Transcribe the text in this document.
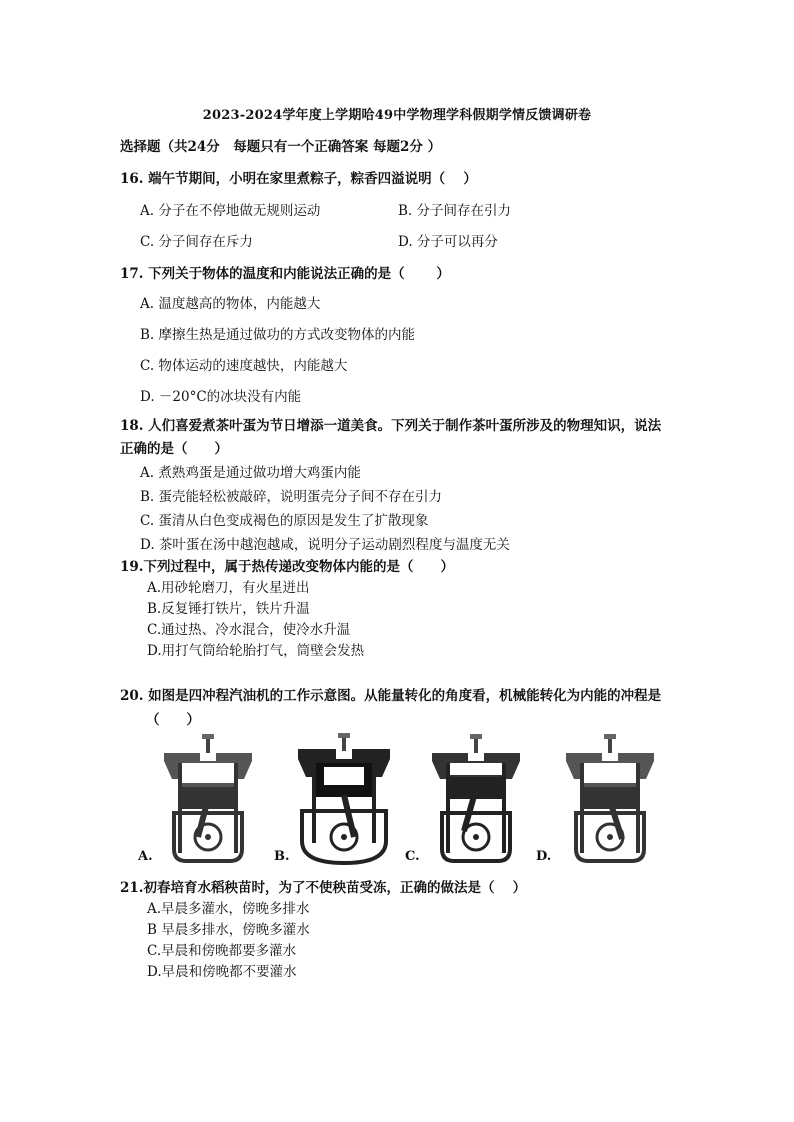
2023-2024学年度上学期哈49中学物理学科假期学情反馈调研卷
选择题（共24分　每题只有一个正确答案 每题2分 ）
16. 端午节期间，小明在家里煮粽子，粽香四溢说明（　 ）
A. 分子在不停地做无规则运动	B. 分子间存在引力
C. 分子间存在斥力	D. 分子可以再分
17. 下列关于物体的温度和内能说法正确的是（　　 ）
A. 温度越高的物体，内能越大
B. 摩擦生热是通过做功的方式改变物体的内能
C. 物体运动的速度越快，内能越大
D. －20°C的冰块没有内能
18. 人们喜爱煮茶叶蛋为节日增添一道美食。下列关于制作茶叶蛋所涉及的物理知识，说法
正确的是（　　）
A. 煮熟鸡蛋是通过做功增大鸡蛋内能
B. 蛋壳能轻松被敲碎，说明蛋壳分子间不存在引力
C. 蛋清从白色变成褐色的原因是发生了扩散现象
D. 茶叶蛋在汤中越泡越咸，说明分子运动剧烈程度与温度无关
19.下列过程中，属于热传递改变物体内能的是（　　）
A.用砂轮磨刀，有火星迸出
B.反复锤打铁片，铁片升温
C.通过热、冷水混合，使冷水升温
D.用打气筒给轮胎打气，筒壁会发热
20. 如图是四冲程汽油机的工作示意图。从能量转化的角度看，机械能转化为内能的冲程是
（　　）
A.	B.	C.	D.
21.初春培育水稻秧苗时，为了不使秧苗受冻，正确的做法是（　 ）
A.早晨多灌水，傍晚多排水
B 早晨多排水，傍晚多灌水
C.早晨和傍晚都要多灌水
D.早晨和傍晚都不要灌水
